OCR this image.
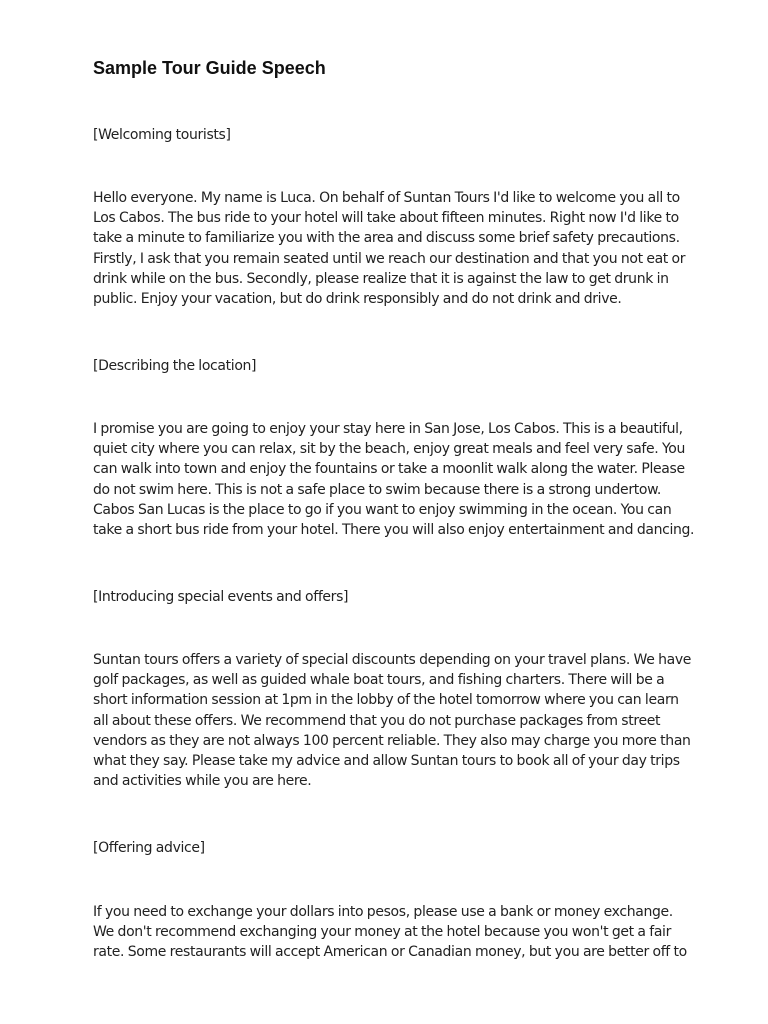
Sample Tour Guide Speech

[Welcoming tourists]

Hello everyone. My name is Luca. On behalf of Suntan Tours I'd like to welcome you all to
Los Cabos. The bus ride to your hotel will take about fifteen minutes. Right now I'd like to
take a minute to familiarize you with the area and discuss some brief safety precautions.
Firstly, I ask that you remain seated until we reach our destination and that you not eat or
drink while on the bus. Secondly, please realize that it is against the law to get drunk in
public. Enjoy your vacation, but do drink responsibly and do not drink and drive.

[Describing the location]

I promise you are going to enjoy your stay here in San Jose, Los Cabos. This is a beautiful,
quiet city where you can relax, sit by the beach, enjoy great meals and feel very safe. You
can walk into town and enjoy the fountains or take a moonlit walk along the water. Please
do not swim here. This is not a safe place to swim because there is a strong undertow.
Cabos San Lucas is the place to go if you want to enjoy swimming in the ocean. You can
take a short bus ride from your hotel. There you will also enjoy entertainment and dancing.

[Introducing special events and offers]

Suntan tours offers a variety of special discounts depending on your travel plans. We have
golf packages, as well as guided whale boat tours, and fishing charters. There will be a
short information session at 1pm in the lobby of the hotel tomorrow where you can learn
all about these offers. We recommend that you do not purchase packages from street
vendors as they are not always 100 percent reliable. They also may charge you more than
what they say. Please take my advice and allow Suntan tours to book all of your day trips
and activities while you are here.

[Offering advice]

If you need to exchange your dollars into pesos, please use a bank or money exchange.
We don't recommend exchanging your money at the hotel because you won't get a fair
rate. Some restaurants will accept American or Canadian money, but you are better off to
